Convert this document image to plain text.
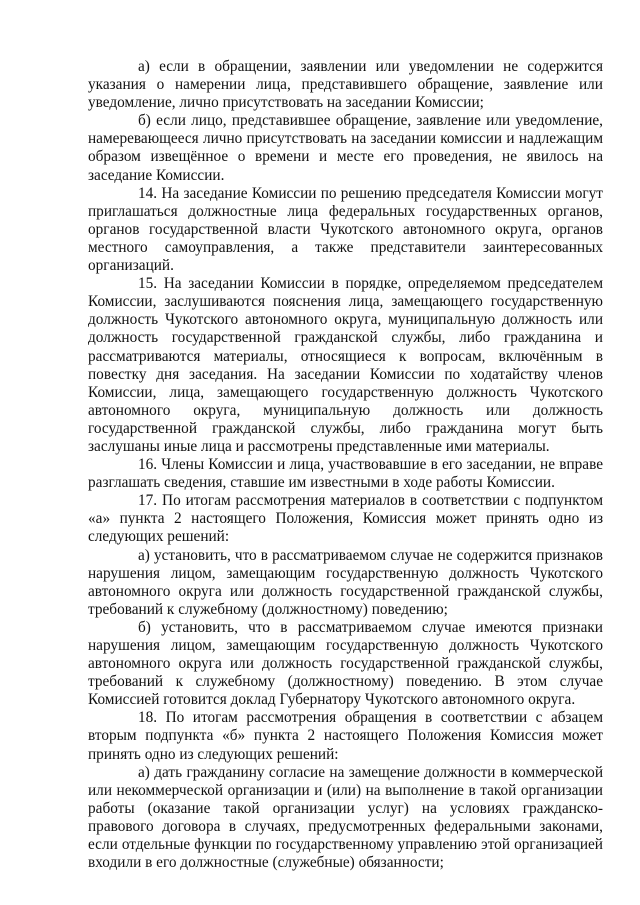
а) если в обращении, заявлении или уведомлении не содержится указания о намерении лица, представившего обращение, заявление или уведомление, лично присутствовать на заседании Комиссии;

б) если лицо, представившее обращение, заявление или уведомление, намеревающееся лично присутствовать на заседании комиссии и надлежащим образом извещённое о времени и месте его проведения, не явилось на заседание Комиссии.

14. На заседание Комиссии по решению председателя Комиссии могут приглашаться должностные лица федеральных государственных органов, органов государственной власти Чукотского автономного округа, органов местного самоуправления, а также представители заинтересованных организаций.

15. На заседании Комиссии в порядке, определяемом председателем Комиссии, заслушиваются пояснения лица, замещающего государственную должность Чукотского автономного округа, муниципальную должность или должность государственной гражданской службы, либо гражданина и рассматриваются материалы, относящиеся к вопросам, включённым в повестку дня заседания. На заседании Комиссии по ходатайству членов Комиссии, лица, замещающего государственную должность Чукотского автономного округа, муниципальную должность или должность государственной гражданской службы, либо гражданина могут быть заслушаны иные лица и рассмотрены представленные ими материалы.

16. Члены Комиссии и лица, участвовавшие в его заседании, не вправе разглашать сведения, ставшие им известными в ходе работы Комиссии.

17. По итогам рассмотрения материалов в соответствии с подпунктом «а» пункта 2 настоящего Положения, Комиссия может принять одно из следующих решений:

а) установить, что в рассматриваемом случае не содержится признаков нарушения лицом, замещающим государственную должность Чукотского автономного округа или должность государственной гражданской службы, требований к служебному (должностному) поведению;

б) установить, что в рассматриваемом случае имеются признаки нарушения лицом, замещающим государственную должность Чукотского автономного округа или должность государственной гражданской службы, требований к служебному (должностному) поведению. В этом случае Комиссией готовится доклад Губернатору Чукотского автономного округа.

18. По итогам рассмотрения обращения в соответствии с абзацем вторым подпункта «б» пункта 2 настоящего Положения Комиссия может принять одно из следующих решений:

а) дать гражданину согласие на замещение должности в коммерческой или некоммерческой организации и (или) на выполнение в такой организации работы (оказание такой организации услуг) на условиях гражданско-правового договора в случаях, предусмотренных федеральными законами, если отдельные функции по государственному управлению этой организацией входили в его должностные (служебные) обязанности;
